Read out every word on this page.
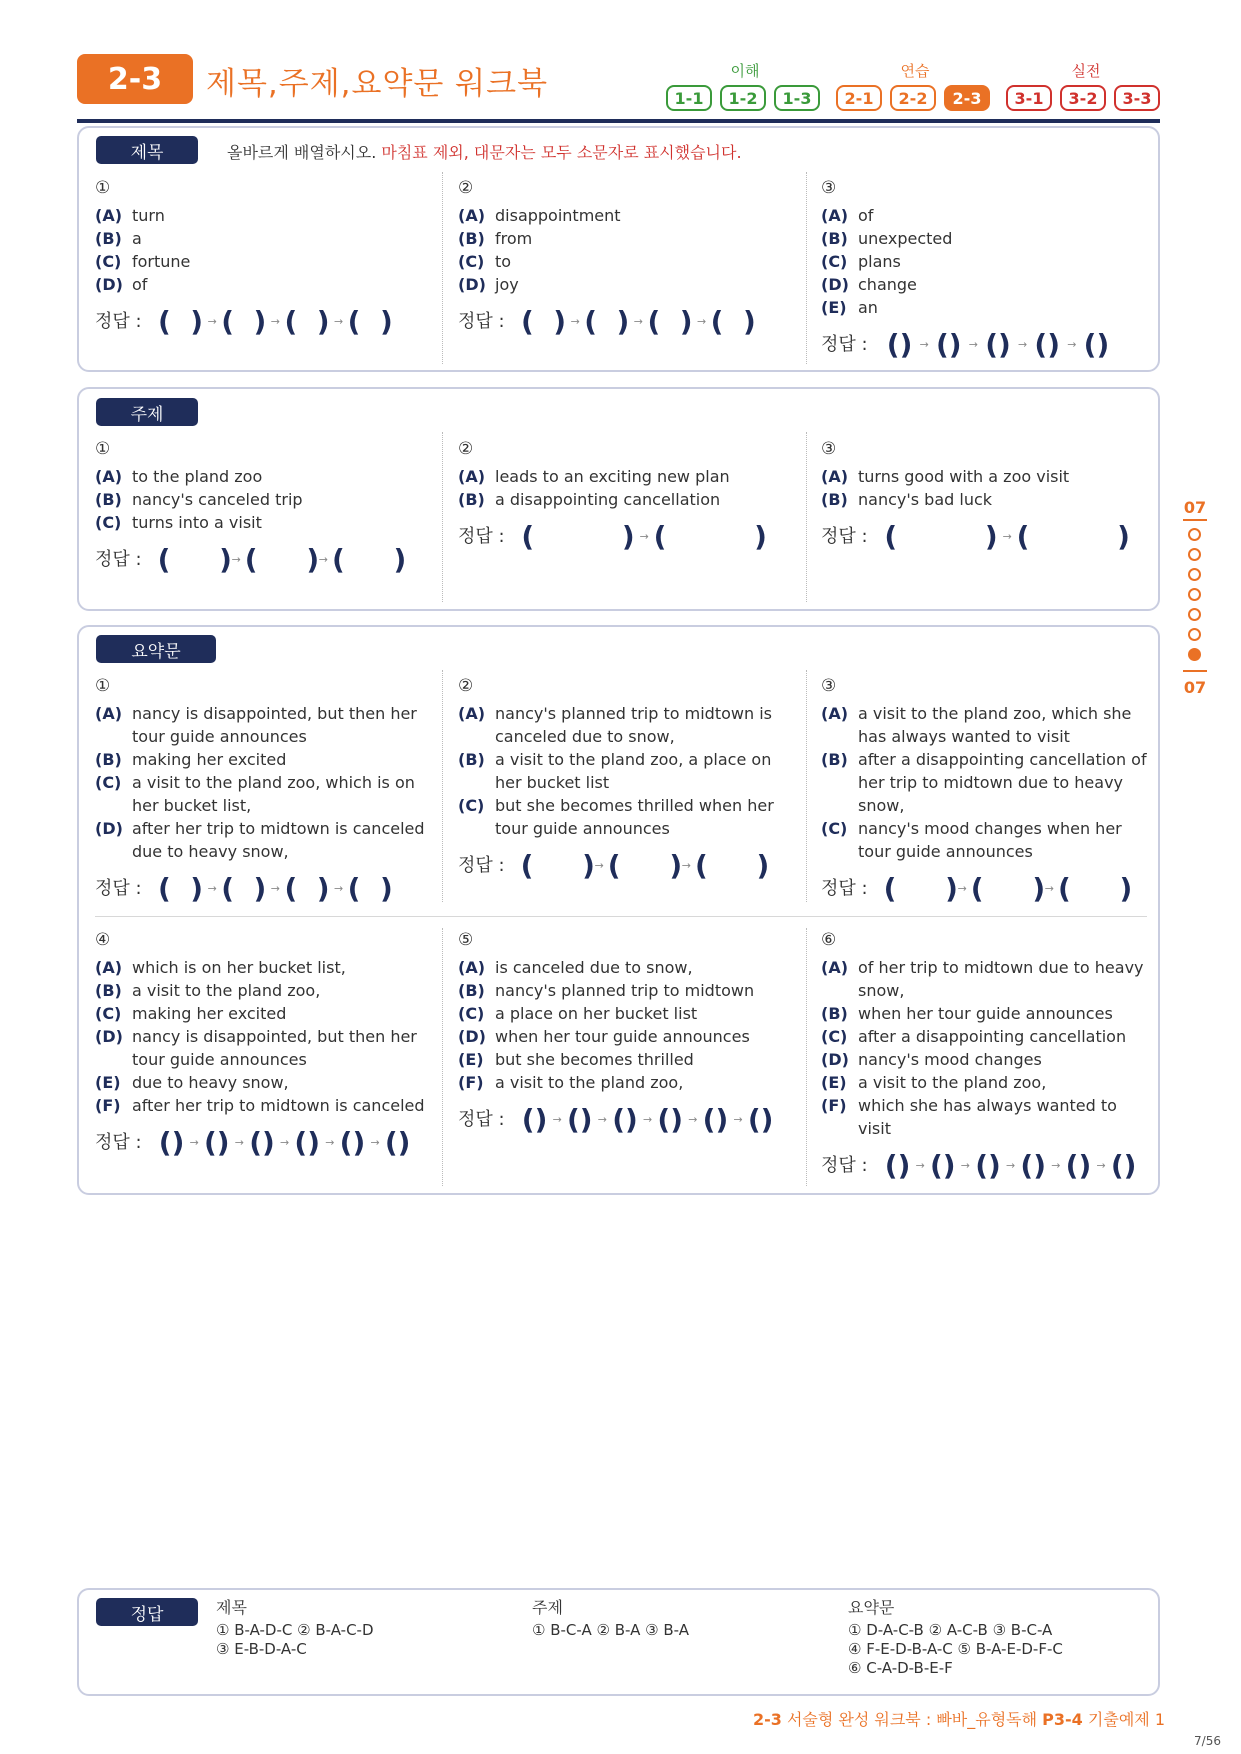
2-3	제목,주제,요약문 워크북	이해	연습	실전
1-1	1-2	1-3	2-1	2-2	2-3	3-1	3-2	3-3
제목	올바르게 배열하시오. 마침표 제외, 대문자는 모두 소문자로 표시했습니다.
①
(A) turn
(B) a
(C) fortune
(D) of
정답 : (  ) → (  ) → (  ) → (  )
②
(A) disappointment
(B) from
(C) to
(D) joy
정답 : (  ) → (  ) → (  ) → (  )
③
(A) of
(B) unexpected
(C) plans
(D) change
(E) an
정답 : () → () → () → () → ()
주제
①
(A) to the pland zoo
(B) nancy's canceled trip
(C) turns into a visit
정답 : (     ) → (     ) → (     )
②
(A) leads to an exciting new plan
(B) a disappointing cancellation
정답 : (         ) → (         )
③
(A) turns good with a zoo visit
(B) nancy's bad luck
정답 : (         ) → (         )
요약문
①
(A) nancy is disappointed, but then her tour guide announces
(B) making her excited
(C) a visit to the pland zoo, which is on her bucket list,
(D) after her trip to midtown is canceled due to heavy snow,
정답 : (  ) → (  ) → (  ) → (  )
②
(A) nancy's planned trip to midtown is canceled due to snow,
(B) a visit to the pland zoo, a place on her bucket list
(C) but she becomes thrilled when her tour guide announces
정답 : (     ) → (     ) → (     )
③
(A) a visit to the pland zoo, which she has always wanted to visit
(B) after a disappointing cancellation of her trip to midtown due to heavy snow,
(C) nancy's mood changes when her tour guide announces
정답 : (     ) → (     ) → (     )
④
(A) which is on her bucket list,
(B) a visit to the pland zoo,
(C) making her excited
(D) nancy is disappointed, but then her tour guide announces
(E) due to heavy snow,
(F) after her trip to midtown is canceled
정답 : () → () → () → () → () → ()
⑤
(A) is canceled due to snow,
(B) nancy's planned trip to midtown
(C) a place on her bucket list
(D) when her tour guide announces
(E) but she becomes thrilled
(F) a visit to the pland zoo,
정답 : () → () → () → () → () → ()
⑥
(A) of her trip to midtown due to heavy snow,
(B) when her tour guide announces
(C) after a disappointing cancellation
(D) nancy's mood changes
(E) a visit to the pland zoo,
(F) which she has always wanted to visit
정답 : () → () → () → () → () → ()
07
07
정답	제목
① B-A-D-C ② B-A-C-D
③ E-B-D-A-C
주제
① B-C-A ② B-A ③ B-A
요약문
① D-A-C-B ② A-C-B ③ B-C-A
④ F-E-D-B-A-C ⑤ B-A-E-D-F-C
⑥ C-A-D-B-E-F
2-3 서술형 완성 워크북 : 빠바_유형독해 P3-4 기출예제 1
7/56
